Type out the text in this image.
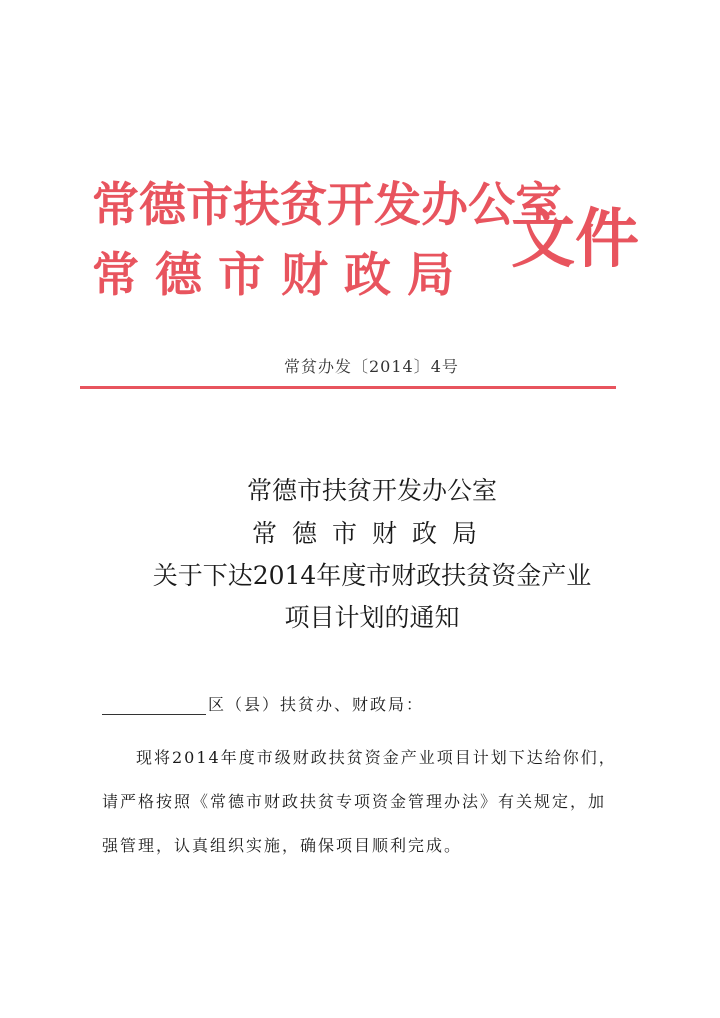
常德市扶贫开发办公室
常德市财政局 文件
常贫办发〔2014〕4号
常德市扶贫开发办公室
常德市财政局
关于下达2014年度市财政扶贫资金产业
项目计划的通知
区（县）扶贫办、财政局：
现将2014年度市级财政扶贫资金产业项目计划下达给你们，
请严格按照《常德市财政扶贫专项资金管理办法》有关规定，加
强管理，认真组织实施，确保项目顺利完成。
